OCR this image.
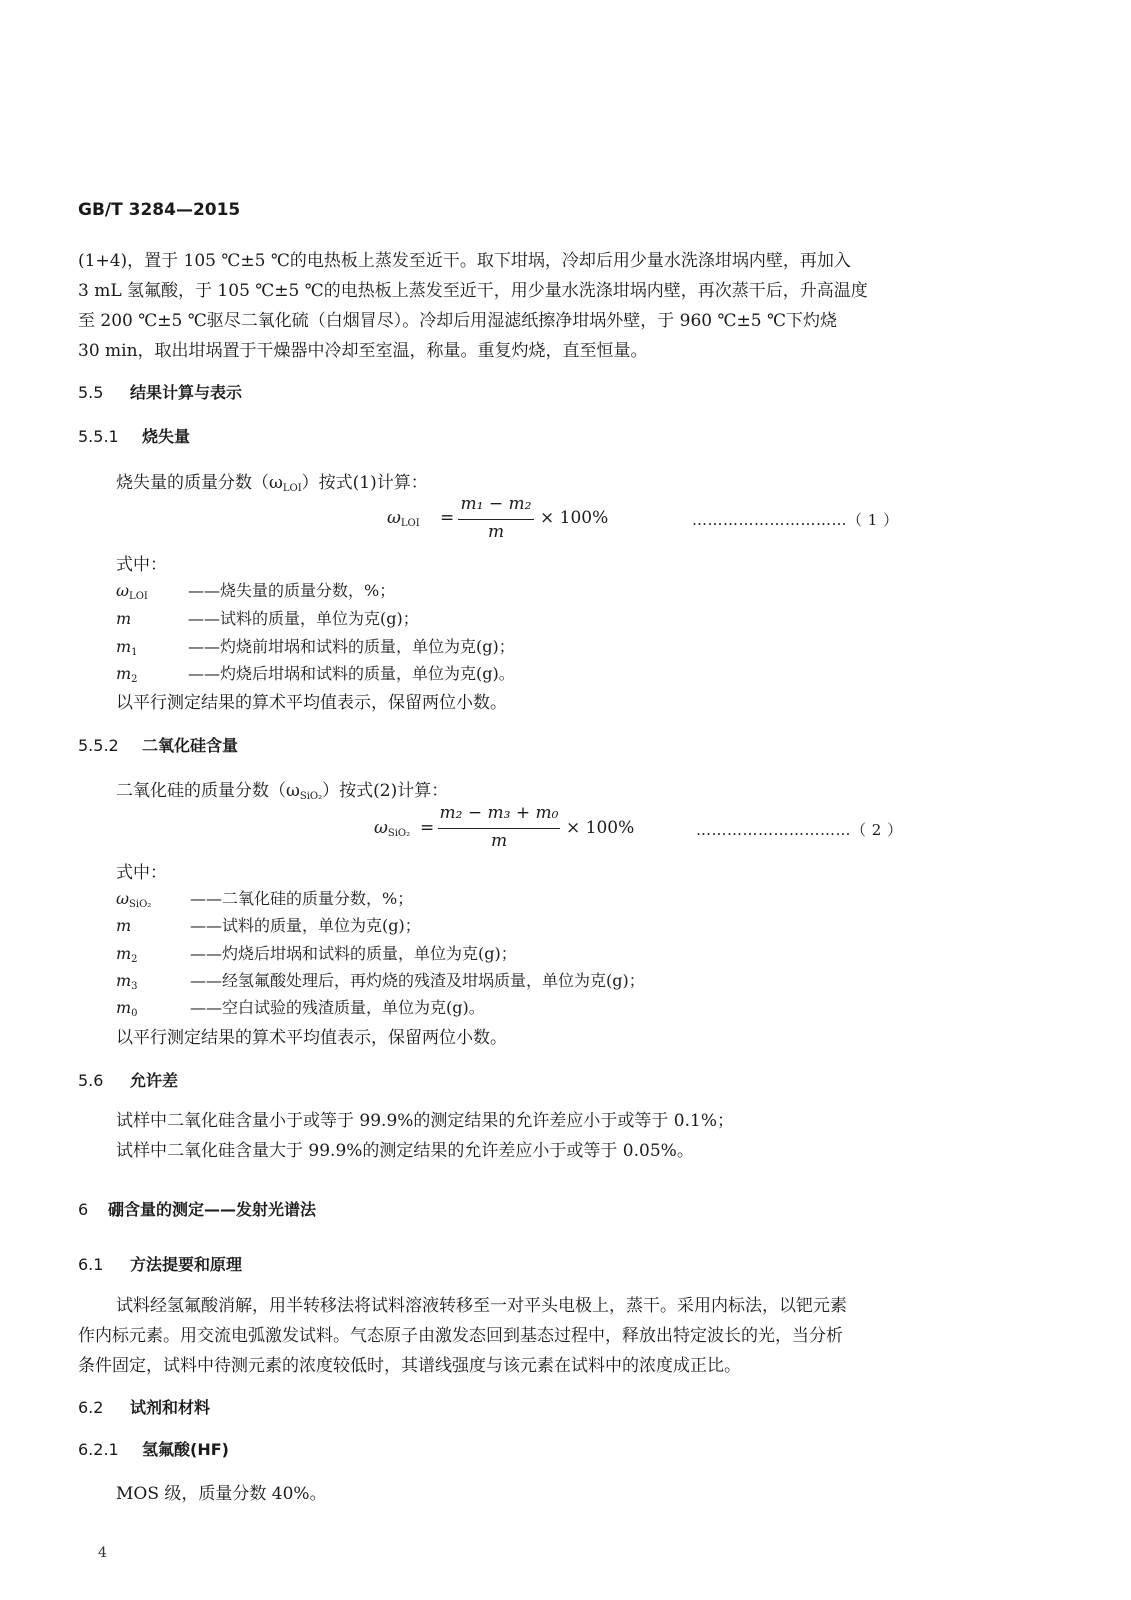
GB/T 3284—2015
(1+4)，置于 105 ℃±5 ℃的电热板上蒸发至近干。取下坩埚，冷却后用少量水洗涤坩埚内壁，再加入
3 mL 氢氟酸，于 105 ℃±5 ℃的电热板上蒸发至近干，用少量水洗涤坩埚内壁，再次蒸干后，升高温度
至 200 ℃±5 ℃驱尽二氧化硫（白烟冒尽）。冷却后用湿滤纸擦净坩埚外壁，于 960 ℃±5 ℃下灼烧
30 min，取出坩埚置于干燥器中冷却至室温，称量。重复灼烧，直至恒量。
5.5 结果计算与表示
5.5.1 烧失量
烧失量的质量分数（ωLOI）按式(1)计算：
ωLOI =
m₁ − m₂
m
× 100%	…………………………（ 1 ）
式中：
ωLOI	——烧失量的质量分数，%；
m	——试料的质量，单位为克(g)；
m1	——灼烧前坩埚和试料的质量，单位为克(g)；
m2	——灼烧后坩埚和试料的质量，单位为克(g)。
以平行测定结果的算术平均值表示，保留两位小数。
5.5.2 二氧化硅含量
二氧化硅的质量分数（ωSiO₂）按式(2)计算：
ωSiO₂ =
m₂ − m₃ + m₀
m
× 100%	…………………………（ 2 ）
式中：
ωSiO₂ ——二氧化硅的质量分数，%；
m	——试料的质量，单位为克(g)；
m2	——灼烧后坩埚和试料的质量，单位为克(g)；
m3	——经氢氟酸处理后，再灼烧的残渣及坩埚质量，单位为克(g)；
m0	——空白试验的残渣质量，单位为克(g)。
以平行测定结果的算术平均值表示，保留两位小数。
5.6 允许差
试样中二氧化硅含量小于或等于 99.9%的测定结果的允许差应小于或等于 0.1%；
试样中二氧化硅含量大于 99.9%的测定结果的允许差应小于或等于 0.05%。
6 硼含量的测定——发射光谱法
6.1 方法提要和原理
试料经氢氟酸消解，用半转移法将试料溶液转移至一对平头电极上，蒸干。采用内标法，以钯元素
作内标元素。用交流电弧激发试料。气态原子由激发态回到基态过程中，释放出特定波长的光，当分析
条件固定，试料中待测元素的浓度较低时，其谱线强度与该元素在试料中的浓度成正比。
6.2 试剂和材料
6.2.1 氢氟酸(HF)
MOS 级，质量分数 40%。
4
